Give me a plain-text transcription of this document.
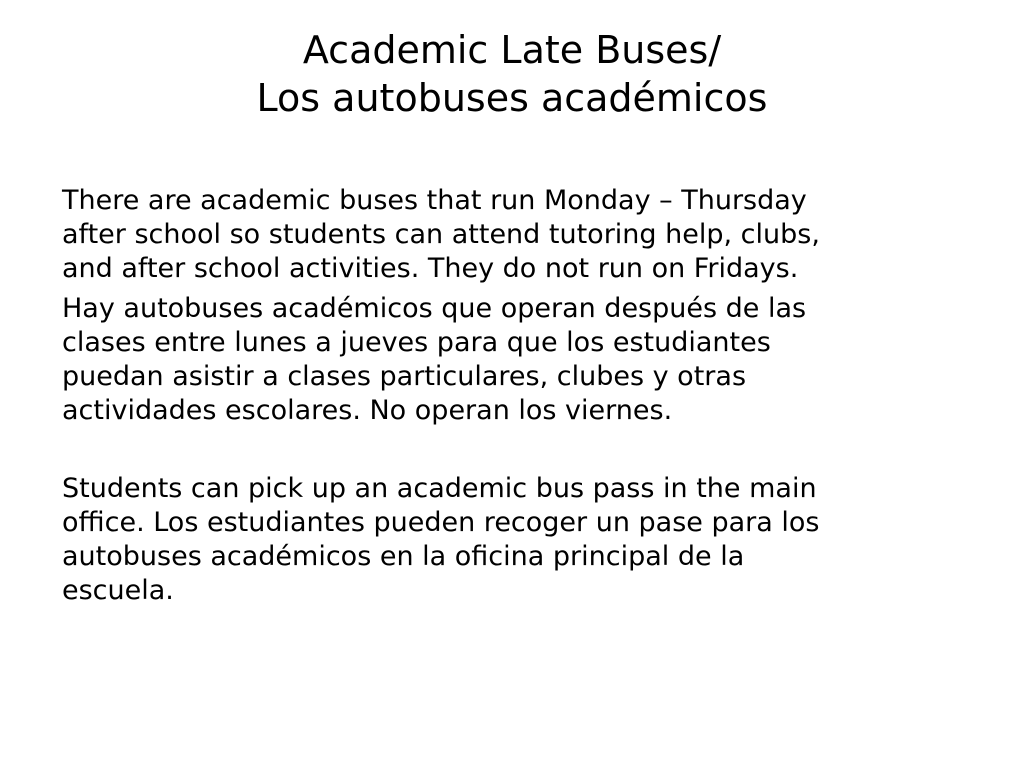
Academic Late Buses/
Los autobuses académicos
There are academic buses that run Monday – Thursday
after school so students can attend tutoring help, clubs,
and after school activities. They do not run on Fridays.
Hay autobuses académicos que operan después de las
clases entre lunes a jueves para que los estudiantes
puedan asistir a clases particulares, clubes y otras
actividades escolares. No operan los viernes.
Students can pick up an academic bus pass in the main
office. Los estudiantes pueden recoger un pase para los
autobuses académicos en la oficina principal de la
escuela.
